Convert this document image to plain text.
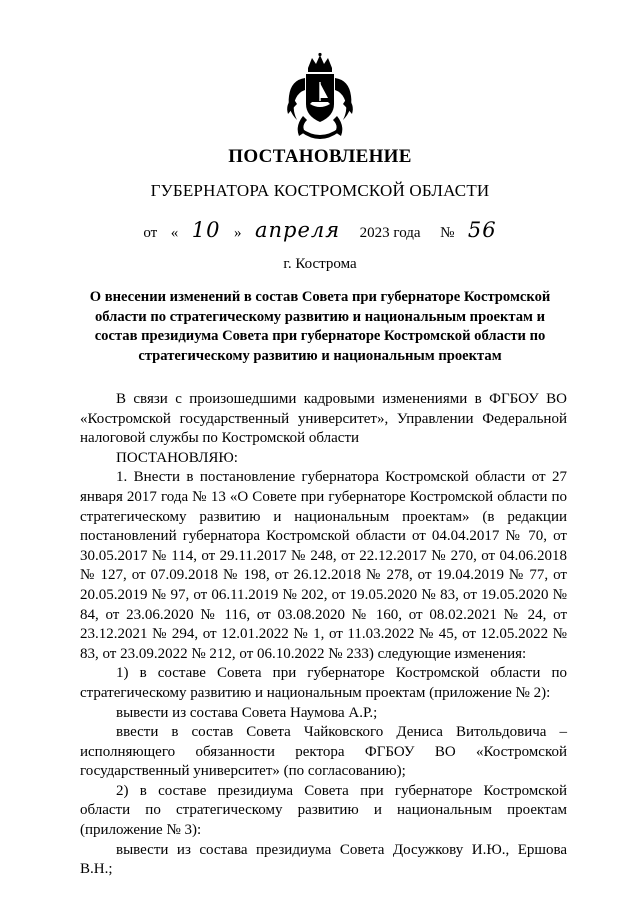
ПОСТАНОВЛЕНИЕ
ГУБЕРНАТОРА КОСТРОМСКОЙ ОБЛАСТИ
от « 10 » апреля 2023 года № 56
г. Кострома
О внесении изменений в состав Совета при губернаторе Костромской области по стратегическому развитию и национальным проектам и состав президиума Совета при губернаторе Костромской области по стратегическому развитию и национальным проектам

В связи с произошедшими кадровыми изменениями в ФГБОУ ВО «Костромской государственный университет», Управлении Федеральной налоговой службы по Костромской области

ПОСТАНОВЛЯЮ:

1. Внести в постановление губернатора Костромской области от 27 января 2017 года № 13 «О Совете при губернаторе Костромской области по стратегическому развитию и национальным проектам» (в редакции постановлений губернатора Костромской области от 04.04.2017 № 70, от 30.05.2017 № 114, от 29.11.2017 № 248, от 22.12.2017 № 270, от 04.06.2018 № 127, от 07.09.2018 № 198, от 26.12.2018 № 278, от 19.04.2019 № 77, от 20.05.2019 № 97, от 06.11.2019 № 202, от 19.05.2020 № 83, от 19.05.2020 № 84, от 23.06.2020 № 116, от 03.08.2020 № 160, от 08.02.2021 № 24, от 23.12.2021 № 294, от 12.01.2022 № 1, от 11.03.2022 № 45, от 12.05.2022 № 83, от 23.09.2022 № 212, от 06.10.2022 № 233) следующие изменения:

1) в составе Совета при губернаторе Костромской области по стратегическому развитию и национальным проектам (приложение № 2):

вывести из состава Совета Наумова А.Р.;

ввести в состав Совета Чайковского Дениса Витольдовича – исполняющего обязанности ректора ФГБОУ ВО «Костромской государственный университет» (по согласованию);

2) в составе президиума Совета при губернаторе Костромской области по стратегическому развитию и национальным проектам (приложение № 3):

вывести из состава президиума Совета Досужкову И.Ю., Ершова В.Н.;
